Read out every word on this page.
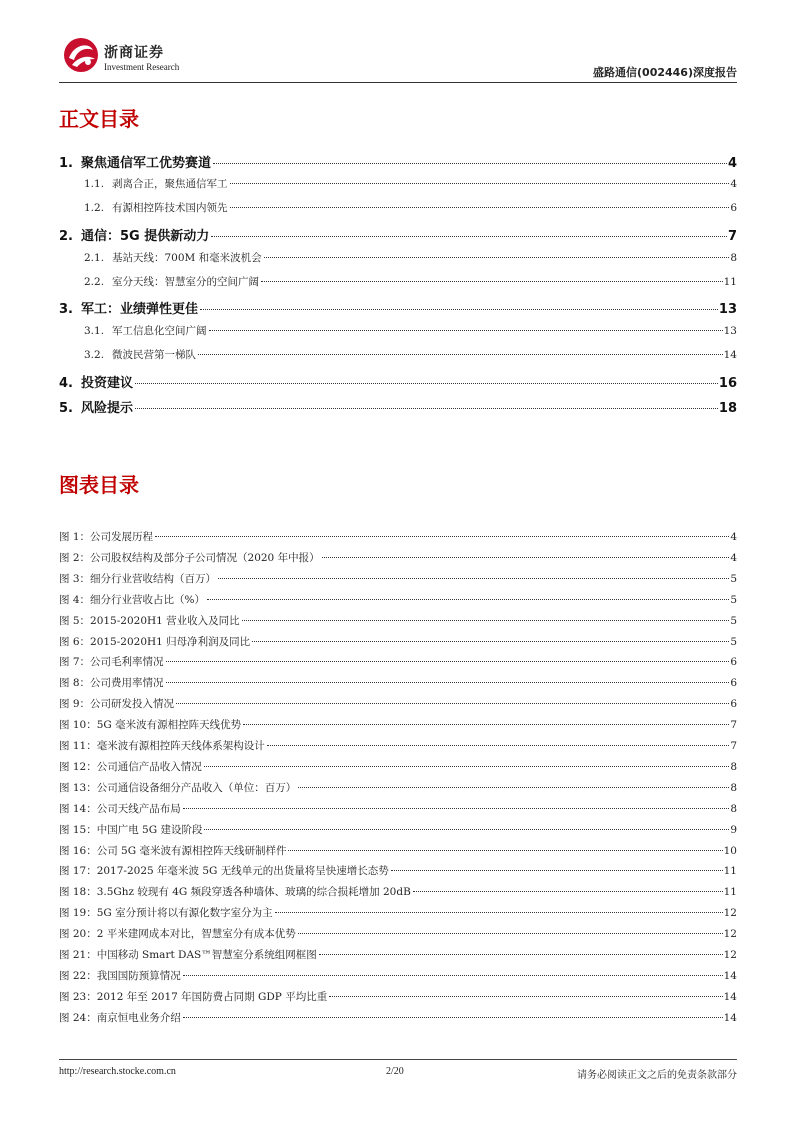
浙商证券
Investment Research	盛路通信(002446)深度报告
正文目录
1. 聚焦通信军工优势赛道	4
1.1. 剥离合正，聚焦通信军工	4
1.2. 有源相控阵技术国内领先	6
2. 通信：5G 提供新动力	7
2.1. 基站天线：700M 和毫米波机会	8
2.2. 室分天线：智慧室分的空间广阔	11
3. 军工：业绩弹性更佳	13
3.1. 军工信息化空间广阔	13
3.2. 微波民营第一梯队	14
4. 投资建议	16
5. 风险提示	18
图表目录
图 1：公司发展历程	4
图 2：公司股权结构及部分子公司情况（2020 年中报）	4
图 3：细分行业营收结构（百万）	5
图 4：细分行业营收占比（%）	5
图 5：2015-2020H1 营业收入及同比	5
图 6：2015-2020H1 归母净利润及同比	5
图 7：公司毛利率情况	6
图 8：公司费用率情况	6
图 9：公司研发投入情况	6
图 10：5G 毫米波有源相控阵天线优势	7
图 11：毫米波有源相控阵天线体系架构设计	7
图 12：公司通信产品收入情况	8
图 13：公司通信设备细分产品收入（单位：百万）	8
图 14：公司天线产品布局	8
图 15：中国广电 5G 建设阶段	9
图 16：公司 5G 毫米波有源相控阵天线研制样件	10
图 17：2017-2025 年毫米波 5G 无线单元的出货量将呈快速增长态势	11
图 18：3.5Ghz 较现有 4G 频段穿透各种墙体、玻璃的综合损耗增加 20dB	11
图 19：5G 室分预计将以有源化数字室分为主	12
图 20：2 平米建网成本对比，智慧室分有成本优势	12
图 21：中国移动 Smart DAS™智慧室分系统组网框图	12
图 22：我国国防预算情况	14
图 23：2012 年至 2017 年国防费占同期 GDP 平均比重	14
图 24：南京恒电业务介绍	14
http://research.stocke.com.cn	2/20	请务必阅读正文之后的免责条款部分
